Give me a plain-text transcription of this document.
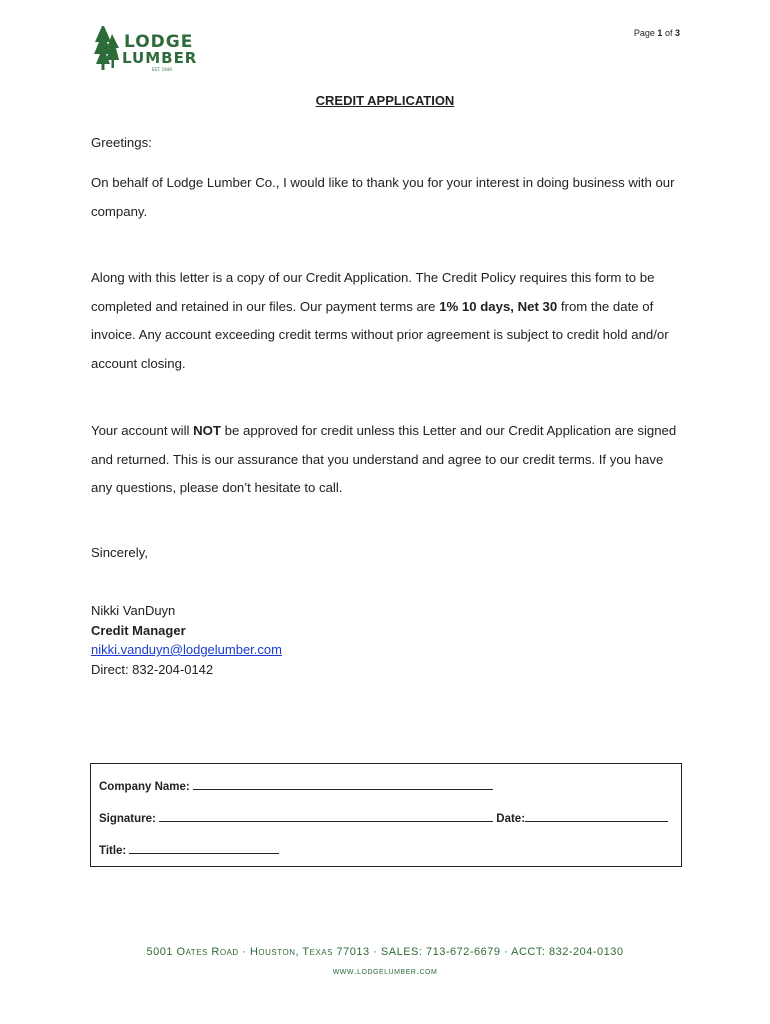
LODGE
LUMBER
EST. 1949
Page 1 of 3
CREDIT APPLICATION
Greetings:
On behalf of Lodge Lumber Co., I would like to thank you for your interest in doing business with our company.
Along with this letter is a copy of our Credit Application. The Credit Policy requires this form to be completed and retained in our files. Our payment terms are 1% 10 days, Net 30 from the date of invoice. Any account exceeding credit terms without prior agreement is subject to credit hold and/or account closing.
Your account will NOT be approved for credit unless this Letter and our Credit Application are signed and returned. This is our assurance that you understand and agree to our credit terms. If you have any questions, please don’t hesitate to call.
Sincerely,
Nikki VanDuyn
Credit Manager
nikki.vanduyn@lodgelumber.com
Direct: 832-204-0142
Company Name:
Signature:	Date:
Title:
5001 Oates Road · Houston, Texas 77013 · SALES: 713-672-6679 · ACCT: 832-204-0130
www.lodgelumber.com
